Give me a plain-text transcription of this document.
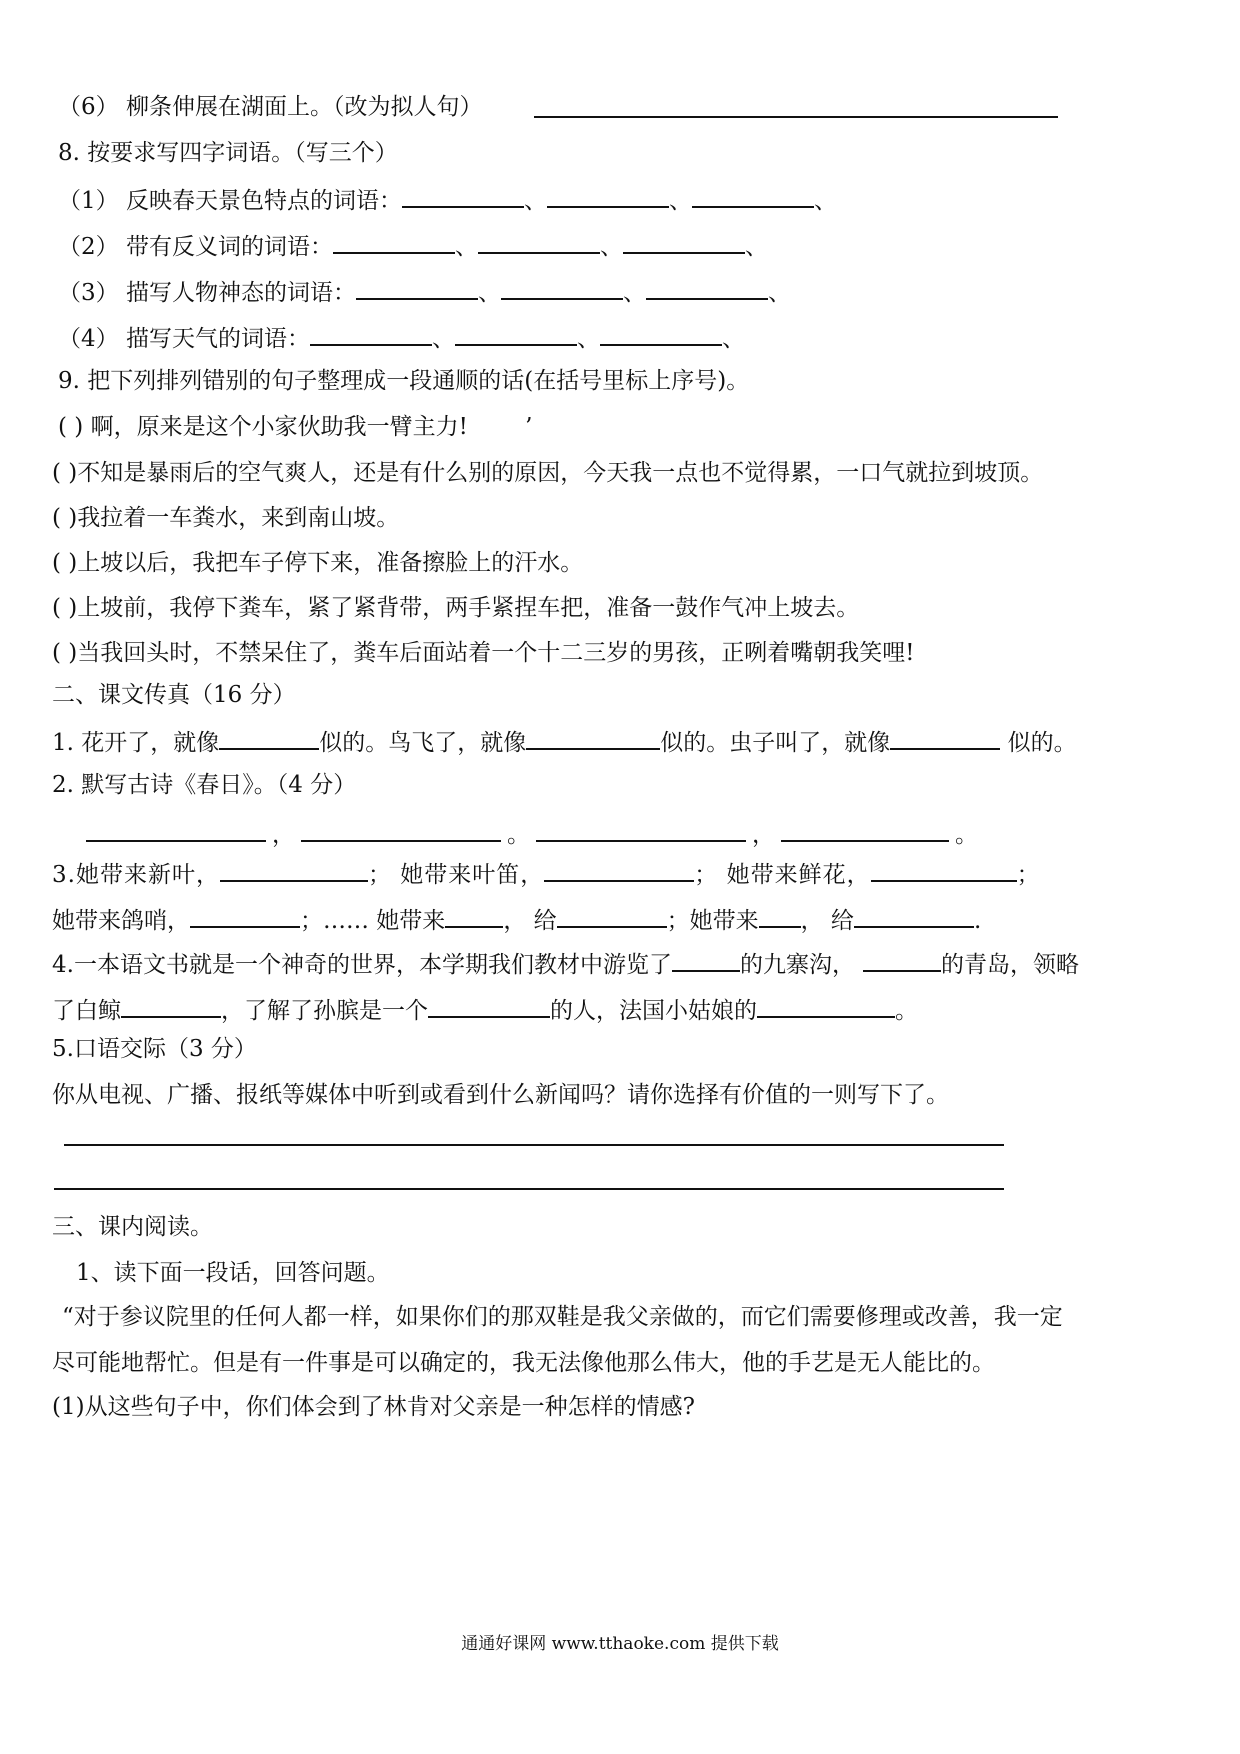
（6） 柳条伸展在湖面上。（改为拟人句）
8. 按要求写四字词语。（写三个）
（1） 反映春天景色特点的词语：	、	、	、
（2） 带有反义词的词语：	、	、	、
（3） 描写人物神态的词语：	、	、	、
（4） 描写天气的词语：	、	、	、
9. 把下列排列错别的句子整理成一段通顺的话(在括号里标上序号)。
( ) 啊，原来是这个小家伙助我一臂主力! ’
( )不知是暴雨后的空气爽人，还是有什么别的原因，今天我一点也不觉得累，一口气就拉到坡顶。
( )我拉着一车粪水，来到南山坡。
( )上坡以后，我把车子停下来，准备擦脸上的汗水。
( )上坡前，我停下粪车，紧了紧背带，两手紧捏车把，准备一鼓作气冲上坡去。
( )当我回头时，不禁呆住了，粪车后面站着一个十二三岁的男孩，正咧着嘴朝我笑哩!
二、课文传真（16 分）
1. 花开了，就像	似的。鸟飞了，就像	似的。虫子叫了，就像	似的。
2. 默写古诗《春日》。（4 分）
，	。	，	。
3.她带来新叶，	； 她带来叶笛，	； 她带来鲜花，	；
她带来鸽哨，	；…… 她带来	， 给	；她带来 ， 给	.
4.一本语文书就是一个神奇的世界，本学期我们教材中游览了	的九寨沟，	的青岛，领略
了白鲸	，了解了孙膑是一个	的人，法国小姑娘的	。
5.口语交际（3 分）
你从电视、广播、报纸等媒体中听到或看到什么新闻吗？请你选择有价值的一则写下了。
三、课内阅读。
1、读下面一段话，回答问题。
“对于参议院里的任何人都一样，如果你们的那双鞋是我父亲做的，而它们需要修理或改善，我一定
尽可能地帮忙。但是有一件事是可以确定的，我无法像他那么伟大，他的手艺是无人能比的。
(1)从这些句子中，你们体会到了林肯对父亲是一种怎样的情感?
通通好课网 www.tthaoke.com 提供下载
